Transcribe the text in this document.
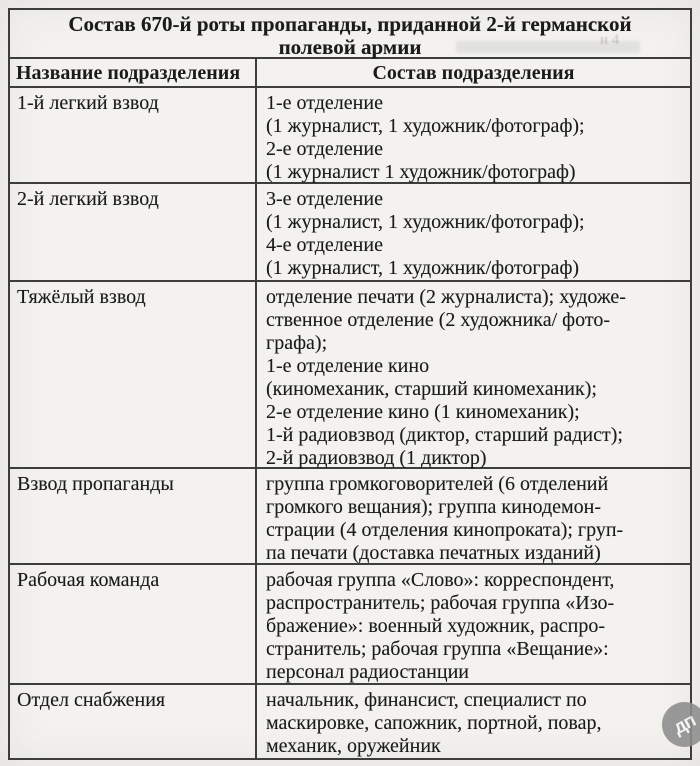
и 4
Состав 670-й роты пропаганды, приданной 2-й германской
полевой армии
Название подразделения	Состав подразделения
1-й легкий взвод	1-е отделение
(1 журналист, 1 художник/фотограф);
2-е отделение
(1 журналист 1 художник/фотограф)
2-й легкий взвод	3-е отделение
(1 журналист, 1 художник/фотограф);
4-е отделение
(1 журналист, 1 художник/фотограф)
Тяжёлый взвод	отделение печати (2 журналиста); художе-
ственное отделение (2 художника/ фото-
графа);
1-е отделение кино
(киномеханик, старший киномеханик);
2-е отделение кино (1 киномеханик);
1-й радиовзвод (диктор, старший радист);
2-й радиовзвод (1 диктор)
Взвод пропаганды	группа громкоговорителей (6 отделений
громкого вещания); группа кинодемон-
страции (4 отделения кинопроката); груп-
па печати (доставка печатных изданий)
Рабочая команда	рабочая группа «Слово»: корреспондент,
распространитель; рабочая группа «Изо-
бражение»: военный художник, распро-
странитель; рабочая группа «Вещание»:
персонал радиостанции
Отдел снабжения	начальник, финансист, специалист по
маскировке, сапожник, портной, повар,
механик, оружейник
дп
